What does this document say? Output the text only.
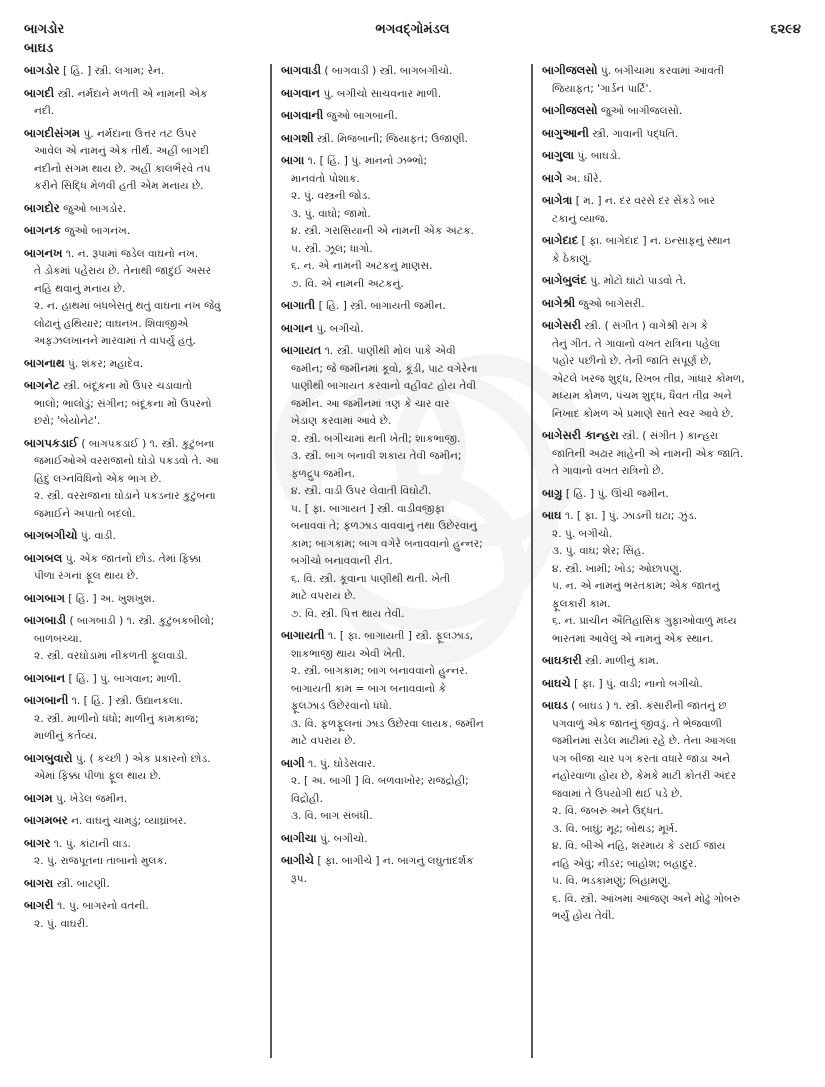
બાગડોર	ભગવદ્ગોમંડલ	૬૨૯૪
બાઘડ
બાગડોર [ હિં. ] સ્ત્રી. લગામ; રેન.
બાગદી સ્ત્રી. નર્મદાને મળતી એ નામની એક
નદી.
બાગદીસંગમ પું. નર્મદાના ઉત્તર તટ ઉપર
આવેલ એ નામનું એક તીર્થ. અહીં બાગદી
નદીનો સંગમ થાય છે. અહીં કાલભૈરવે તપ
કરીને સિદ્ધિ મેળવી હતી એમ મનાય છે.
બાગદોર જુઓ બાગડોર.
બાગનક જુઓ બાગનખ.
બાગનખ ૧. ન. રૂપામાં જડેલ વાઘનો નખ.
તે ડોકમાં પહેરાય છે. તેનાથી જાદુઈ અસર
નહિ થવાનું મનાય છે.
૨. ન. હાથમાં બંધબેસતું થતું વાઘના નખ જેવું
લોઢાનું હથિયાર; વાઘનખ. શિવાજીએ
અફઝલખાનને મારવામાં તે વાપર્યું હતું.
બાગનાથ પું. શંકર; મહાદેવ.
બાગનેટ સ્ત્રી. બંદૂકના મોં ઉપર ચડાવાતો
ભાલો; ભાલોડું; સંગીન; બંદૂકના મોં ઉપરનો
છરો; 'બેયોનેટ'.
બાગપકડાઈ ( બાગપકડાઈ ) ૧. સ્ત્રી. કુટુંબના
જમાઈઓએ વરરાજાનો ઘોડો પકડવો તે. આ
હિંદુ લગ્નવિધિનો એક ભાગ છે.
૨. સ્ત્રી. વરરાજાના ઘોડાને પકડનાર કુટુંબના
જમાઈને અપાતો બદલો.
બાગબગીચો પું. વાડી.
બાગબલ પું. એક જાતનો છોડ. તેમાં ફિક્કા
પીળા રંગનાં ફૂલ થાય છે.
બાગબાગ [ હિં. ] અ. ખુશખુશ.
બાગબાડી ( બાગબાડી ) ૧. સ્ત્રી. કુટુંબકબીલો;
બાળબચ્ચાં.
૨. સ્ત્રી. વરઘોડામાં નીકળતી ફૂલવાડી.
બાગબાન [ હિં. ] પું. બાગવાન; માળી.
બાગબાની ૧. [ હિં. ] સ્ત્રી. ઉદ્યાનકલા.
૨. સ્ત્રી. માળીનો ધંધો; માળીનું કામકાજ;
માળીનું કર્તવ્ય.
બાગબુવારો પું. ( કચ્છી ) એક પ્રકારનો છોડ.
એમાં ફિક્કા પીળાં ફૂલ થાય છે.
બાગમ પું. ખેડેલ જમીન.
બાગમબર ન. વાઘનું ચામડું; વ્યાઘ્રાંબર.
બાગર ૧. પું. કાંટાની વાડ.
૨. પું. રાજપૂતના તાબાનો મુલક.
બાગરા સ્ત્રી. બાટણી.
બાગરી ૧. પું. બાગરનો વતની.
૨. પું. વાઘરી.
બાગવાડી ( બાગવાડી ) સ્ત્રી. બાગબગીચો.
બાગવાન પું. બગીચો સાચવનાર માળી.
બાગવાની જુઓ બાગબાની.
બાગશી સ્ત્રી. મિજબાની; જિયાફત; ઉજાણી.
બાગા ૧. [ હિં. ] પું. માનનો ઝભ્ભો;
માનવંતો પોશાક.
૨. પું. વસ્ત્રની જોડ.
૩. પું. વાઘો; જામો.
૪. સ્ત્રી. ગરાસિયાની એ નામની એક અટક.
૫. સ્ત્રી. ઝૂલ; ધાગો.
૬. ન. એ નામની અટકનું માણસ.
૭. વિ. એ નામની અટકનું.
બાગાતી [ હિં. ] સ્ત્રી. બાગાયતી જમીન.
બાગાન પું. બગીચો.
બાગાયત ૧. સ્ત્રી. પાણીથી મોલ પાકે એવી
જમીન; જે જમીનમાં કૂવો, કૂંડી, પાટ વગેરેના
પાણીથી બાગાયત કરવાનો વહીવટ હોય તેવી
જમીન. આ જમીનમાં ત્રણ કે ચાર વાર
ખેડાણ કરવામાં આવે છે.
૨. સ્ત્રી. બગીચામાં થતી ખેતી; શાકભાજી.
૩. સ્ત્રી. બાગ બનાવી શકાય તેવી જમીન;
ફળદ્રુપ જમીન.
૪. સ્ત્રી. વાડી ઉપર લેવાતી વિઘોટી.
૫. [ ફા. બાગાયત ] સ્ત્રી. વાડીવજીફા
બનાવવાં તે; ફળઝાડ વાવવાનું તથા ઉછેરવાનું
કામ; બાગકામ; બાગ વગેરે બનાવવાનો હુન્નર;
બગીચો બનાવવાની રીત.
૬. વિ. સ્ત્રી. કૂવાના પાણીથી થતી. ખેતી
માટે વપરાય છે.
૭. વિ. સ્ત્રી. પિત્ત થાય તેવી.
બાગાયતી ૧. [ ફા. બાગાયતી ] સ્ત્રી. ફૂલઝાડ,
શાકભાજી થાય એવી ખેતી.
૨. સ્ત્રી. બાગકામ; બાગ બનાવવાનો હુન્નર.
બાગાયતી કામ = બાગ બનાવવાનો કે
ફૂલઝાડ ઉછેરવાનો ધંધો.
૩. વિ. ફળફૂલનાં ઝાડ ઉછેરવા લાયક. જમીન
માટે વપરાય છે.
બાગી ૧. પું. ઘોડેસવાર.
૨. [ અ. બાગી ] વિ. બળવાખોર; રાજદ્રોહી;
વિદ્રોહી.
૩. વિ. બાગ સંબંધી.
બાગીચા પું. બગીચો.
બાગીચે [ ફા. બાગીચે ] ન. બાગનું લઘુતાદર્શક
રૂપ.
બાગીજલસો પું. બગીચામાં કરવામાં આવતી
જિયાફત; 'ગાર્ડન પાર્ટિ'.
બાગીજલસો જુઓ બાગીજલસો.
બાગુઆની સ્ત્રી. ગાવાની પદ્ધતિ.
બાગુલા પું. બાઘડો.
બાગે અ. ધીરે.
બાગેત્રા [ મ. ] ન. દર વરસે દર સેંકડે બાર
ટકાનું વ્યાજ.
બાગેદાદ [ ફા. બાગેદાદ ] ન. ઇન્સાફનું સ્થાન
કે ઠેકાણું.
બાગેબુલંદ પું. મોટો ઘાંટો પાડવો તે.
બાગેશ્રી જુઓ બાગેસરી.
બાગેસરી સ્ત્રી. ( સંગીત ) વાગેશ્રી રાગ કે
તેનું ગીત. તે ગાવાનો વખત રાત્રિના પહેલા
પહોર પછીનો છે. તેની જાતિ સંપૂર્ણ છે,
એટલે ખરજ શુદ્ધ, રિખબ તીવ્ર, ગાંધાર કોમળ,
મધ્યમ કોમળ, પંચમ શુદ્ધ, ધૈવત તીવ્ર અને
નિખાદ કોમળ એ પ્રમાણે સાતે સ્વર આવે છે.
બાગેસરી કાન્હરા સ્ત્રી. ( સંગીત ) કાન્હરા
જાતિની અઢાર માંહેની એ નામની એક જાતિ.
તે ગાવાનો વખત રાત્રિનો છે.
બાગ્રુ [ હિં. ] પું. ઊંચી જમીન.
બાઘ ૧. [ ફા. ] પું. ઝાડની ઘટા; ઝુંડ.
૨. પું. બગીચો.
૩. પું. વાઘ; શેર; સિંહ.
૪. સ્ત્રી. ખામી; ખોડ; ઓછાપણું.
૫. ન. એ નામનું ભરતકામ; એક જાતનું
ફૂલકારી કામ.
૬. ન. પ્રાચીન ઐતિહાસિક ગુફાઓવાળું મધ્ય
ભારતમાં આવેલું એ નામનું એક સ્થાન.
બાઘકારી સ્ત્રી. માળીનું કામ.
બાઘચે [ ફા. ] પું. વાડી; નાનો બગીચો.
બાઘડ ( બાઘડ ) ૧. સ્ત્રી. કંસારીની જાતનું છ
પગવાળું એક જાતનું જીવડું. તે ભેજવાળી
જમીનમાં સડેલ માટીમાં રહે છે. તેના આગલા
પગ બીજા ચાર પગ કરતાં વધારે જાડા અને
નહોરવાળા હોય છે, કેમકે માટી કોતરી અંદર
જવામાં તે ઉપયોગી થઈ પડે છે.
૨. વિ. જબરું અને ઉદ્ધત.
૩. વિ. બાઘું; મૂઢ; બોથડ; મૂર્ખ.
૪. વિ. બીએ નહિ, શરમાય કે ડરાઈ જાય
નહિ એવું; નીડર; બાહોશ; બહાદુર.
૫. વિ. ભડકામણું; બિહામણું.
૬. વિ. સ્ત્રી. આંખમાં આંજણ અને મોઢું ગોબરું
ભર્યું હોય તેવી.
